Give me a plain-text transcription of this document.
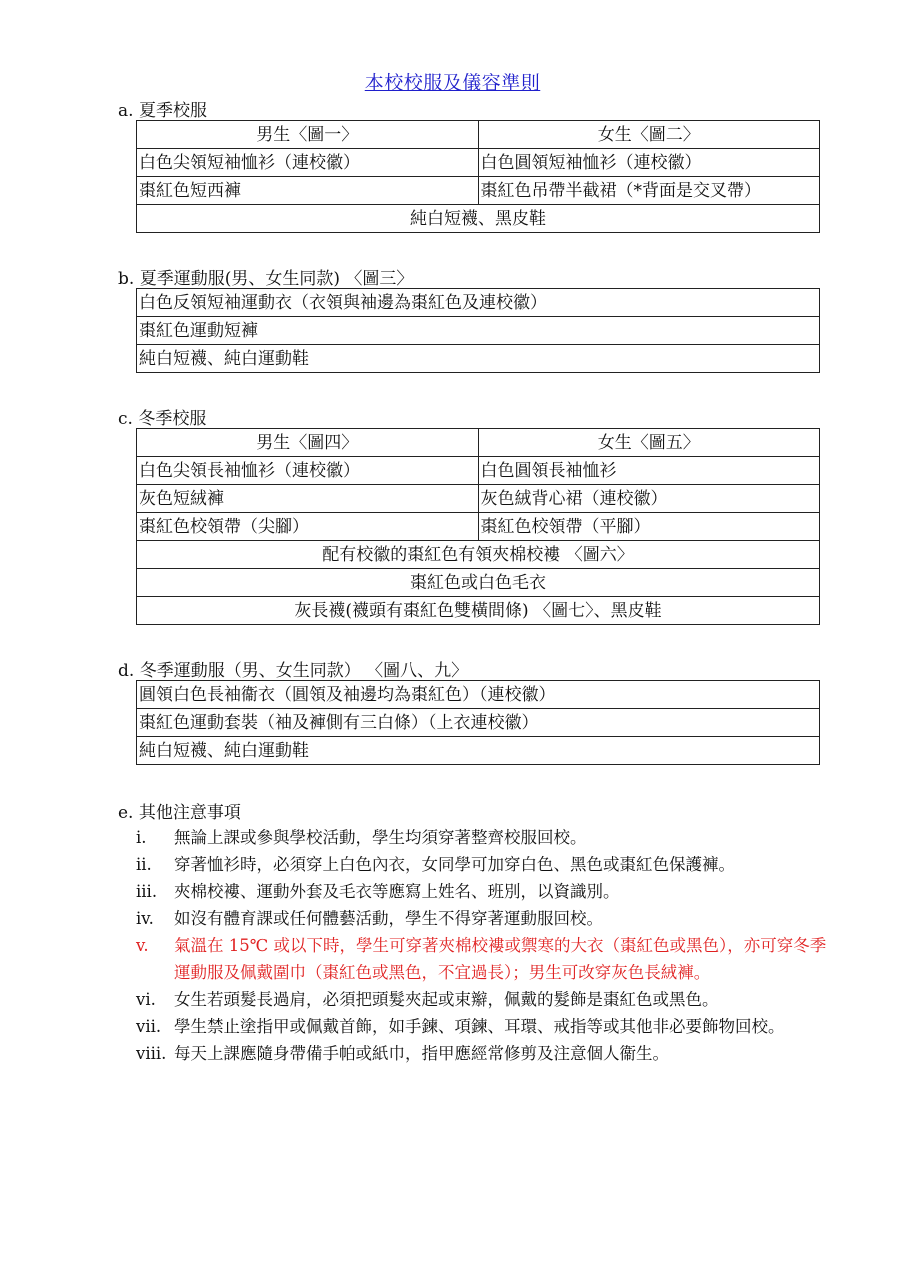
本校校服及儀容準則
a. 夏季校服
男生〈圖一〉	女生〈圖二〉
白色尖領短袖恤衫（連校徽）	白色圓領短袖恤衫（連校徽）
棗紅色短西褲	棗紅色吊帶半截裙（*背面是交叉帶）
純白短襪、黑皮鞋	
b. 夏季運動服(男、女生同款) 〈圖三〉
白色反領短袖運動衣（衣領與袖邊為棗紅色及連校徽）
棗紅色運動短褲
純白短襪、純白運動鞋
c. 冬季校服
男生〈圖四〉	女生〈圖五〉
白色尖領長袖恤衫（連校徽）	白色圓領長袖恤衫
灰色短絨褲	灰色絨背心裙（連校徽）
棗紅色校領帶（尖腳）	棗紅色校領帶（平腳）
配有校徽的棗紅色有領夾棉校褸 〈圖六〉	
棗紅色或白色毛衣	
灰長襪(襪頭有棗紅色雙橫間條) 〈圖七〉、黑皮鞋	
d. 冬季運動服（男、女生同款） 〈圖八、九〉
圓領白色長袖衞衣（圓領及袖邊均為棗紅色）（連校徽）
棗紅色運動套裝（袖及褲側有三白條）（上衣連校徽）
純白短襪、純白運動鞋
e. 其他注意事項
i.	無論上課或參與學校活動，學生均須穿著整齊校服回校。
ii.	穿著恤衫時，必須穿上白色內衣，女同學可加穿白色、黑色或棗紅色保護褲。
iii.	夾棉校褸、運動外套及毛衣等應寫上姓名、班別，以資識別。
iv.	如沒有體育課或任何體藝活動，學生不得穿著運動服回校。
v.	氣溫在 15℃ 或以下時，學生可穿著夾棉校褸或禦寒的大衣（棗紅色或黑色），亦可穿冬季運動服及佩戴圍巾（棗紅色或黑色，不宜過長）；男生可改穿灰色長絨褲。
vi.	女生若頭髮長過肩，必須把頭髮夾起或束辮，佩戴的髮飾是棗紅色或黑色。
vii. 學生禁止塗指甲或佩戴首飾，如手鍊、項鍊、耳環、戒指等或其他非必要飾物回校。
viii. 每天上課應隨身帶備手帕或紙巾，指甲應經常修剪及注意個人衞生。
